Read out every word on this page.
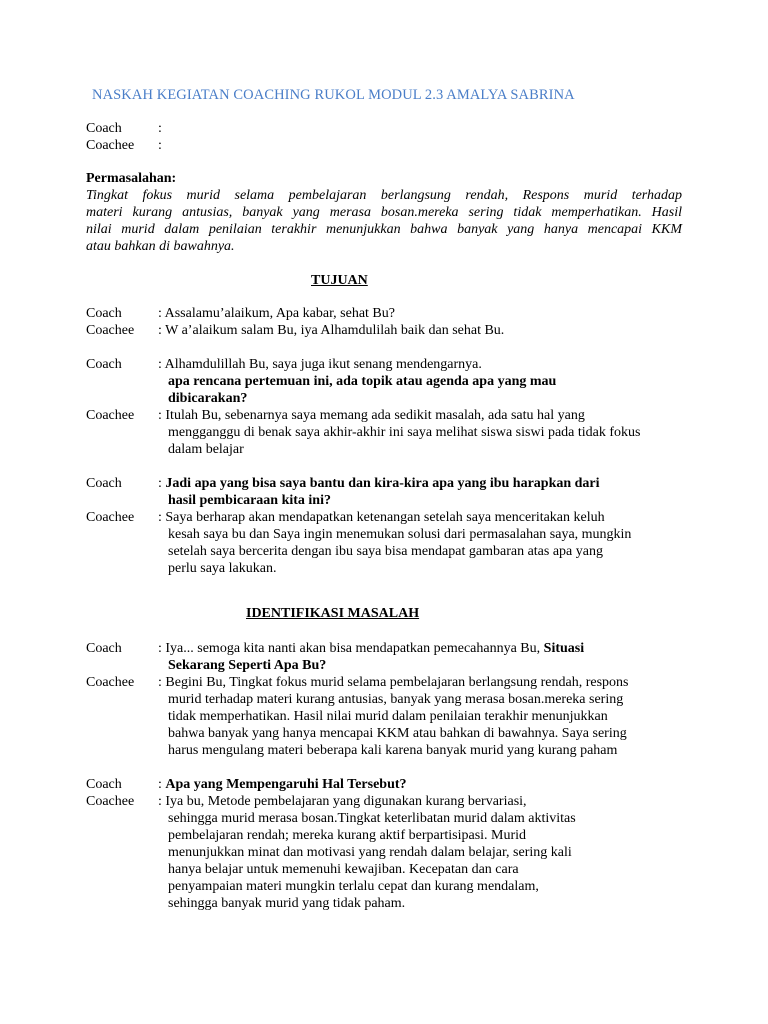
NASKAH KEGIATAN COACHING RUKOL MODUL 2.3 AMALYA SABRINA
Coach	:
Coachee	:
Permasalahan:
Tingkat fokus murid selama pembelajaran berlangsung rendah, Respons murid terhadap
materi kurang antusias, banyak yang merasa bosan.mereka sering tidak memperhatikan. Hasil
nilai murid dalam penilaian terakhir menunjukkan bahwa banyak yang hanya mencapai KKM
atau bahkan di bawahnya.
TUJUAN
Coach	: Assalamu’alaikum, Apa kabar, sehat Bu?
Coachee	: W a’alaikum salam Bu, iya Alhamdulilah baik dan sehat Bu.
Coach	: Alhamdulillah Bu, saya juga ikut senang mendengarnya.
apa rencana pertemuan ini, ada topik atau agenda apa yang mau
dibicarakan?
Coachee	: Itulah Bu, sebenarnya saya memang ada sedikit masalah, ada satu hal yang
mengganggu di benak saya akhir-akhir ini saya melihat siswa siswi pada tidak fokus
dalam belajar
Coach	: Jadi apa yang bisa saya bantu dan kira-kira apa yang ibu harapkan dari
hasil pembicaraan kita ini?
Coachee	: Saya berharap akan mendapatkan ketenangan setelah saya menceritakan keluh
kesah saya bu dan Saya ingin menemukan solusi dari permasalahan saya, mungkin
setelah saya bercerita dengan ibu saya bisa mendapat gambaran atas apa yang
perlu saya lakukan.
IDENTIFIKASI MASALAH
Coach	: Iya... semoga kita nanti akan bisa mendapatkan pemecahannya Bu, Situasi
Sekarang Seperti Apa Bu?
Coachee	: Begini Bu, Tingkat fokus murid selama pembelajaran berlangsung rendah, respons
murid terhadap materi kurang antusias, banyak yang merasa bosan.mereka sering
tidak memperhatikan. Hasil nilai murid dalam penilaian terakhir menunjukkan
bahwa banyak yang hanya mencapai KKM atau bahkan di bawahnya. Saya sering
harus mengulang materi beberapa kali karena banyak murid yang kurang paham
Coach	: Apa yang Mempengaruhi Hal Tersebut?
Coachee	: Iya bu, Metode pembelajaran yang digunakan kurang bervariasi,
sehingga murid merasa bosan.Tingkat keterlibatan murid dalam aktivitas
pembelajaran rendah; mereka kurang aktif berpartisipasi. Murid
menunjukkan minat dan motivasi yang rendah dalam belajar, sering kali
hanya belajar untuk memenuhi kewajiban. Kecepatan dan cara
penyampaian materi mungkin terlalu cepat dan kurang mendalam,
sehingga banyak murid yang tidak paham.
